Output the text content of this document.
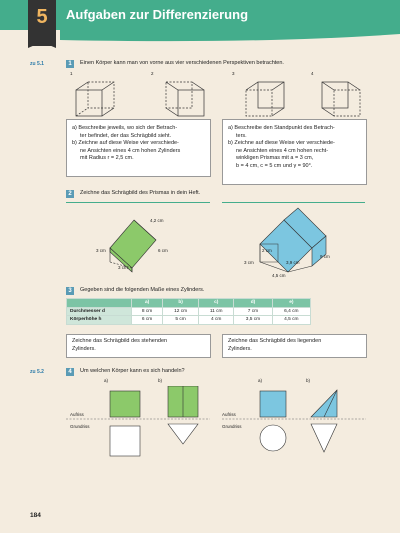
5	Aufgaben zur Differenzierung
zu 5.1	1	Einen Körper kann man von vorne aus vier verschiedenen Perspektiven betrachten.
1	2	3	4
a) Beschreibe jeweils, wo sich der Betrach-
ter befindet, der das Schrägbild sieht.
b) Zeichne auf diese Weise vier verschiede-
ne Ansichten eines 4 cm hohen Zylinders
mit Radius r = 2,5 cm.
a) Beschreibe den Standpunkt des Betrach-
ters.
b) Zeichne auf diese Weise vier verschiede-
ne Ansichten eines 4 cm hohen recht-
winkligen Prismas mit a = 3 cm,
b = 4 cm, c = 5 cm und γ = 90°.
2	Zeichne das Schrägbild des Prismas in dein Heft.
4,2 cm
6 cm
3 cm
3 cm
2 cm
3,9 cm
3 cm
9 cm
4,5 cm
3	Gegeben sind die folgenden Maße eines Zylinders.
	a)	b)	c)	d)	e)
Durchmesser d	8 cm	12 cm	11 cm	7 cm	6,4 cm
Körperhöhe h	6 cm	5 cm	4 cm	3,5 cm	4,5 cm
Zeichne das Schrägbild des stehenden
Zylinders.
Zeichne das Schrägbild des liegenden
Zylinders.
zu 5.2	4	Um welchen Körper kann es sich handeln?
a)	b)	a)	b)
Aufriss
Grundriss
Aufriss
Grundriss
184
